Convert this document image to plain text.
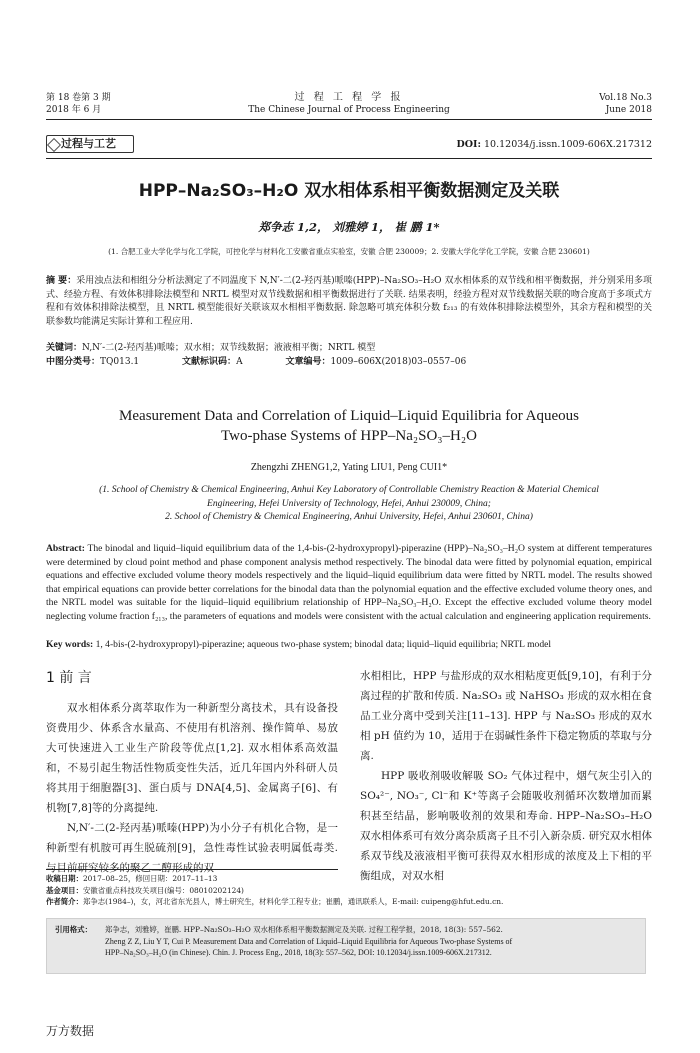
第 18 卷第 3 期
2018 年 6 月
过 程 工 程 学 报
The Chinese Journal of Process Engineering
Vol.18 No.3
June 2018
过程与工艺	DOI: 10.12034/j.issn.1009-606X.217312
HPP–Na₂SO₃–H₂O 双水相体系相平衡数据测定及关联
郑争志 1,2， 刘雅婷 1， 崔 鹏 1*
(1. 合肥工业大学化学与化工学院，可控化学与材料化工安徽省重点实验室，安徽 合肥 230009；2. 安徽大学化学化工学院，安徽 合肥 230601)
摘 要：采用浊点法和相组分分析法测定了不同温度下 N,N′-二(2-羟丙基)哌嗪(HPP)–Na₂SO₃–H₂O 双水相体系的双节线和相平衡数据，并分别采用多项式、经验方程、有效体积排除法模型和 NRTL 模型对双节线数据和相平衡数据进行了关联. 结果表明，经验方程对双节线数据关联的吻合度高于多项式方程和有效体积排除法模型，且 NRTL 模型能很好关联该双水相相平衡数据. 除忽略可填充体积分数 f₂₁₃ 的有效体积排除法模型外，其余方程和模型的关联参数均能满足实际计算和工程应用.
关键词：N,N′-二(2-羟丙基)哌嗪；双水相；双节线数据；液液相平衡；NRTL 模型
中图分类号：TQ013.1	文献标识码：A	文章编号：1009–606X(2018)03–0557–06
Measurement Data and Correlation of Liquid–Liquid Equilibria for Aqueous
Two-phase Systems of HPP–Na₂SO₃–H₂O
Zhengzhi ZHENG1,2, Yating LIU1, Peng CUI1*
(1. School of Chemistry & Chemical Engineering, Anhui Key Laboratory of Controllable Chemistry Reaction & Material Chemical
Engineering, Hefei University of Technology, Hefei, Anhui 230009, China;
2. School of Chemistry & Chemical Engineering, Anhui University, Hefei, Anhui 230601, China)
Abstract: The binodal and liquid–liquid equilibrium data of the 1,4-bis-(2-hydroxypropyl)-piperazine (HPP)–Na₂SO₃–H₂O system at different temperatures were determined by cloud point method and phase component analysis method respectively. The binodal data were fitted by polynomial equation, empirical equations and effective excluded volume theory models respectively and the liquid–liquid equilibrium data were fitted by NRTL model. The results showed that empirical equations can provide better correlations for the binodal data than the polynomial equation and the effective excluded volume theory ones, and the NRTL model was suitable for the liquid–liquid equilibrium relationship of HPP–Na₂SO₃–H₂O. Except the effective excluded volume theory model neglecting volume fraction f₂₁₃, the parameters of equations and models were consistent with the actual calculation and engineering application requirements.
Key words: 1, 4-bis-(2-hydroxypropyl)-piperazine; aqueous two-phase system; binodal data; liquid–liquid equilibria; NRTL model
1 前 言

双水相体系分离萃取作为一种新型分离技术，具有设备投资费用少、体系含水量高、不使用有机溶剂、操作简单、易放大可快速进入工业生产阶段等优点[1,2]. 双水相体系高效温和，不易引起生物活性物质变性失活，近几年国内外科研人员将其用于细胞器[3]、蛋白质与 DNA[4,5]、金属离子[6]、有机物[7,8]等的分离提纯.

N,N′-二(2-羟丙基)哌嗪(HPP)为小分子有机化合物，是一种新型有机胺可再生脱硫剂[9]，急性毒性试验表明属低毒类. 与目前研究较多的聚乙二醇形成的双

水相相比，HPP 与盐形成的双水相粘度更低[9,10]，有利于分离过程的扩散和传质. Na₂SO₃ 或 NaHSO₃ 形成的双水相在食品工业分离中受到关注[11–13]. HPP 与 Na₂SO₃ 形成的双水相 pH 值约为 10，适用于在弱碱性条件下稳定物质的萃取与分离.

HPP 吸收剂吸收解吸 SO₂ 气体过程中，烟气灰尘引入的 SO₄²⁻, NO₃⁻, Cl⁻和 K⁺等离子会随吸收剂循环次数增加而累积甚至结晶，影响吸收剂的效果和寿命. HPP–Na₂SO₃–H₂O 双水相体系可有效分离杂质离子且不引入新杂质. 研究双水相体系双节线及液液相平衡可获得双水相形成的浓度及上下相的平衡组成，对双水相

收稿日期：2017–08–25，修回日期：2017–11–13
基金项目：安徽省重点科技攻关项目(编号：08010202124)
作者简介：郑争志(1984–)，女，河北省东光县人，博士研究生，材料化学工程专业；崔鹏，通讯联系人，E-mail: cuipeng@hfut.edu.cn.
引用格式： 郑争志，刘雅婷，崔鹏. HPP–Na₂SO₃–H₂O 双水相体系相平衡数据测定及关联. 过程工程学报，2018, 18(3): 557–562.
Zheng Z Z, Liu Y T, Cui P. Measurement Data and Correlation of Liquid–Liquid Equilibria for Aqueous Two-phase Systems of
HPP–Na₂SO₃–H₂O (in Chinese). Chin. J. Process Eng., 2018, 18(3): 557–562, DOI: 10.12034/j.issn.1009-606X.217312.
万方数据
